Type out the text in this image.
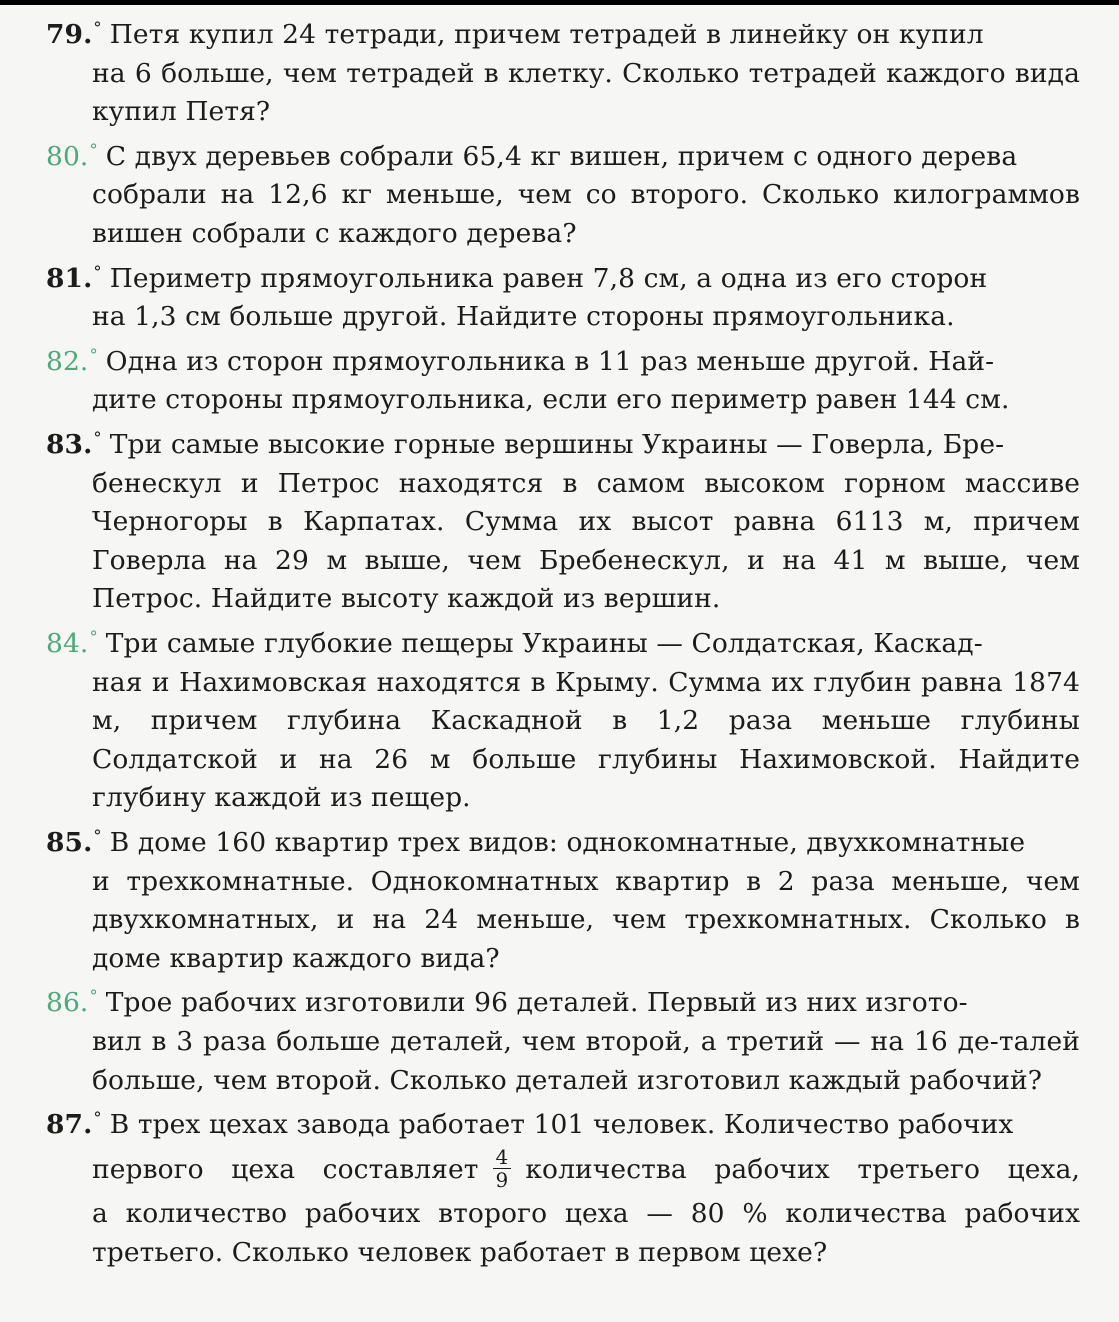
79.° Петя купил 24 тетради, причем тетрадей в линейку он купил
на 6 больше, чем тетрадей в клетку. Сколько тетрадей каждого вида купил Петя?

80.° С двух деревьев собрали 65,4 кг вишен, причем с одного дерева
собрали на 12,6 кг меньше, чем со второго. Сколько килограммов вишен собрали с каждого дерева?

81.° Периметр прямоугольника равен 7,8 см, а одна из его сторон
на 1,3 см больше другой. Найдите стороны прямоугольника.

82.° Одна из сторон прямоугольника в 11 раз меньше другой. Най-
дите стороны прямоугольника, если его периметр равен 144 см.

83.° Три самые высокие горные вершины Украины — Говерла, Бре-
бенескул и Петрос находятся в самом высоком горном массиве Черногоры в Карпатах. Сумма их высот равна 6113 м, причем Говерла на 29 м выше, чем Бребенескул, и на 41 м выше, чем Петрос. Найдите высоту каждой из вершин.

84.° Три самые глубокие пещеры Украины — Солдатская, Каскад-
ная и Нахимовская находятся в Крыму. Сумма их глубин равна 1874 м, причем глубина Каскадной в 1,2 раза меньше глубины Солдатской и на 26 м больше глубины Нахимовской. Найдите глубину каждой из пещер.

85.° В доме 160 квартир трех видов: однокомнатные, двухкомнатные
и трехкомнатные. Однокомнатных квартир в 2 раза меньше, чем двухкомнатных, и на 24 меньше, чем трехкомнатных. Сколько в доме квартир каждого вида?

86.° Трое рабочих изготовили 96 деталей. Первый из них изгото-
вил в 3 раза больше деталей, чем второй, а третий — на 16 де-талей больше, чем второй. Сколько деталей изготовил каждый рабочий?

87.° В трех цехах завода работает 101 человек. Количество рабочих
первого цеха составляет $\frac{4}{9}$ количества рабочих третьего цеха,
а количество рабочих второго цеха — 80 % количества рабочих третьего. Сколько человек работает в первом цехе?
